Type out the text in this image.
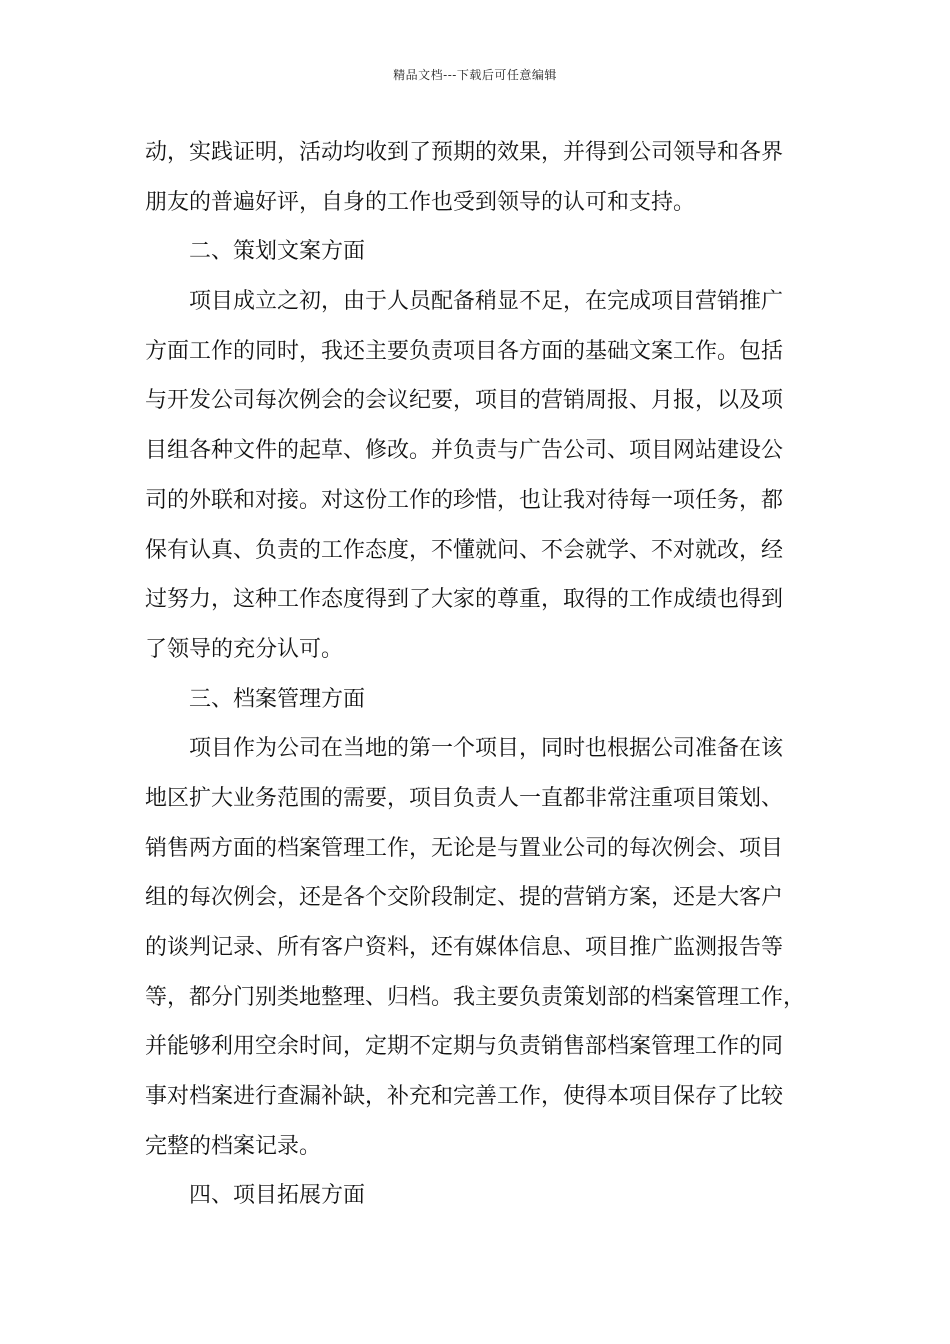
精品文档---下载后可任意编辑
动，实践证明，活动均收到了预期的效果，并得到公司领导和各界
朋友的普遍好评，自身的工作也受到领导的认可和支持。
二、策划文案方面
项目成立之初，由于人员配备稍显不足，在完成项目营销推广
方面工作的同时，我还主要负责项目各方面的基础文案工作。包括
与开发公司每次例会的会议纪要，项目的营销周报、月报，以及项
目组各种文件的起草、修改。并负责与广告公司、项目网站建设公
司的外联和对接。对这份工作的珍惜，也让我对待每一项任务，都
保有认真、负责的工作态度，不懂就问、不会就学、不对就改，经
过努力，这种工作态度得到了大家的尊重，取得的工作成绩也得到
了领导的充分认可。
三、档案管理方面
项目作为公司在当地的第一个项目，同时也根据公司准备在该
地区扩大业务范围的需要，项目负责人一直都非常注重项目策划、
销售两方面的档案管理工作，无论是与置业公司的每次例会、项目
组的每次例会，还是各个交阶段制定、提的营销方案，还是大客户
的谈判记录、所有客户资料，还有媒体信息、项目推广监测报告等
等，都分门别类地整理、归档。我主要负责策划部的档案管理工作，
并能够利用空余时间，定期不定期与负责销售部档案管理工作的同
事对档案进行查漏补缺，补充和完善工作，使得本项目保存了比较
完整的档案记录。
四、项目拓展方面
